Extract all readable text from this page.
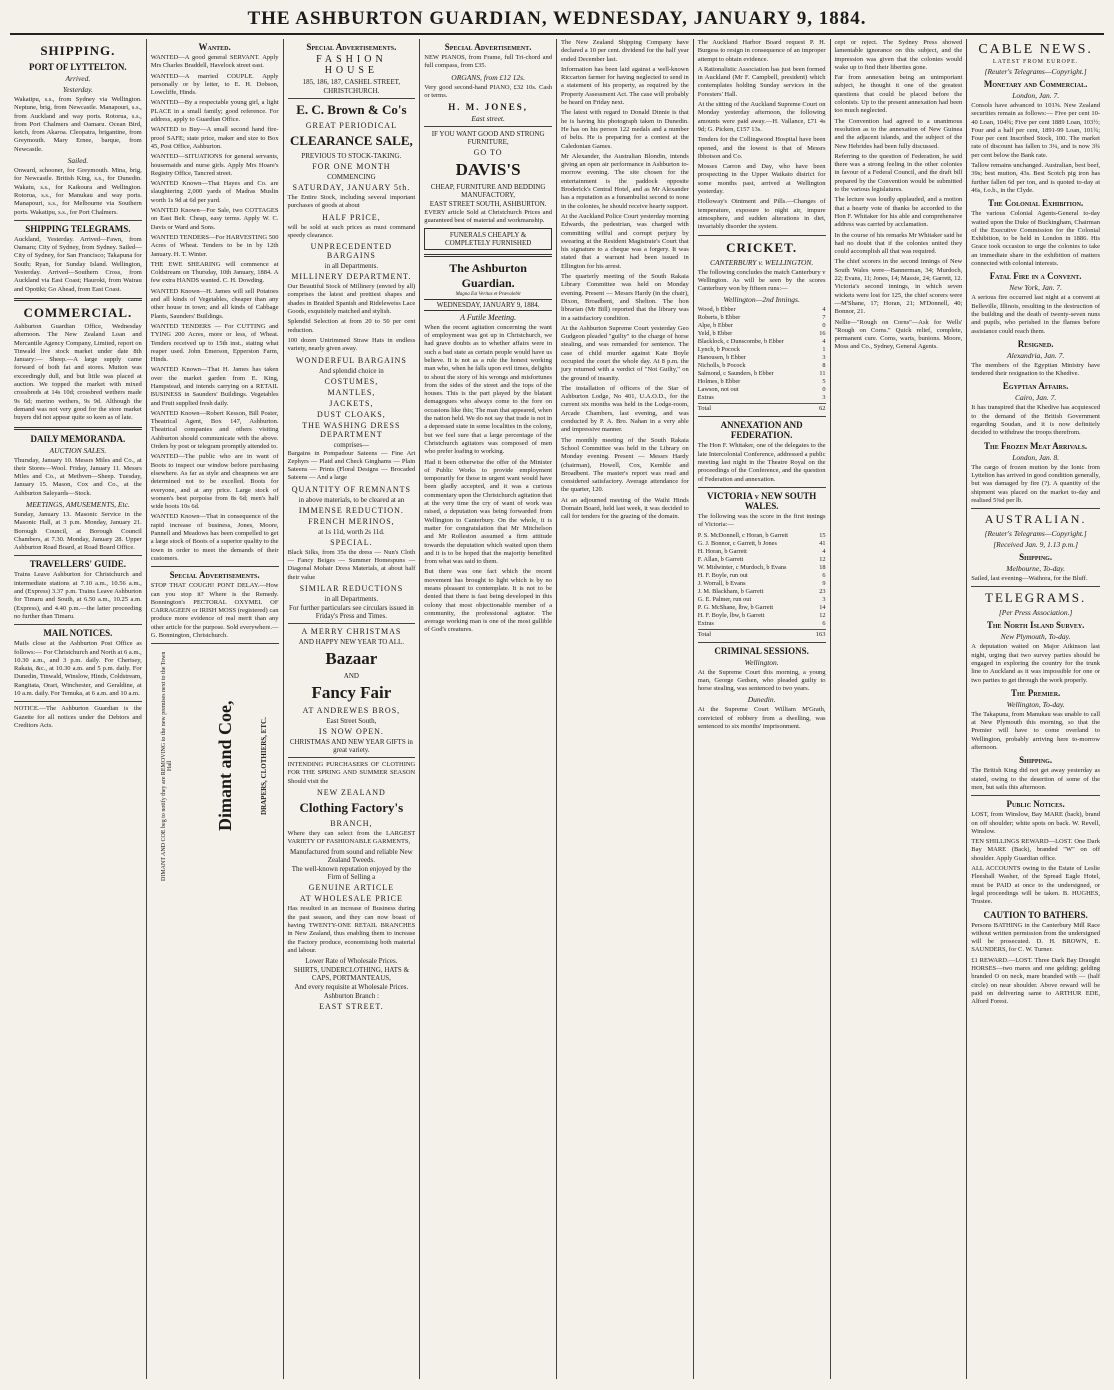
THE ASHBURTON GUARDIAN, WEDNESDAY, JANUARY 9, 1884.
SHIPPING.
PORT OF LYTTELTON.
Arrived.
Yesterday.

Wakatipu, s.s., from Sydney via Wellington. Neptune, brig, from Newcastle. Manapouri, s.s., from Auckland and way ports. Rotorua, s.s., from Port Chalmers and Oamaru. Ocean Bird, ketch, from Akaroa. Cleopatra, brigantine, from Greymouth. Mary Ernee, barque, from Newcastle.

Sailed.

Onward, schooner, for Greymouth. Mina, brig, for Newcastle. British King, s.s., for Dunedin. Wakatu, s.s., for Kaikoura and Wellington. Rotorua, s.s., for Manukau and way ports. Manapouri, s.s., for Melbourne via Southern ports. Wakatipu, s.s., for Port Chalmers.

SHIPPING TELEGRAMS.

Auckland, Yesterday. Arrived—Fawn, from Oamaru; City of Sydney, from Sydney. Sailed—City of Sydney, for San Francisco; Takapuna for South; Ryan, for Sunday Island. Wellington, Yesterday. Arrived—Southern Cross, from Auckland via East Coast; Hauroki, from Wairau and Opotiki; Go Ahead, from East Coast.

COMMERCIAL.

Ashburton Guardian Office, Wednesday afternoon. The New Zealand Loan and Mercantile Agency Company, Limited, report on Tinwald live stock market under date 8th January:— Sheep.—A large supply came forward of both fat and stores. Mutton was exceedingly dull, and but little was placed at auction. We topped the market with mixed crossbreds at 14s 10d; crossbred wethers made 9s 6d; merino wethers, 9s 9d. Although the demand was not very good for the store market buyers did not appear quite so keen as of late.

DAILY MEMORANDA.
AUCTION SALES.

Thursday, January 10. Messrs Miles and Co., at their Stores—Wool. Friday, January 11. Messrs Miles and Co., at Methven—Sheep. Tuesday, January 15. Mason, Cox and Co., at the Ashburton Saleyards—Stock.

MEETINGS, AMUSEMENTS, Etc.

Sunday, January 13. Masonic Service in the Masonic Hall, at 3 p.m. Monday, January 21. Borough Council, at Borough Council Chambers, at 7.30. Monday, January 28. Upper Ashburton Road Board, at Road Board Office.

TRAVELLERS' GUIDE.

Trains Leave Ashburton for Christchurch and intermediate stations at 7.10 a.m., 10.56 a.m., and (Express) 3.37 p.m. Trains Leave Ashburton for Timaru and South, at 6.50 a.m., 10.25 a.m. (Express), and 4.40 p.m.—the latter proceeding no further than Timaru.

MAIL NOTICES.

Mails close at the Ashburton Post Office as follows:— For Christchurch and North at 6 a.m., 10.30 a.m., and 3 p.m. daily. For Chertsey, Rakaia, &c., at 10.30 a.m. and 5 p.m. daily. For Dunedin, Tinwald, Winslow, Hinds, Coldstream, Rangitata, Orari, Winchester, and Geraldine, at 10 a.m. daily. For Temuka, at 6 a.m. and 10 a.m.

NOTICE.—The Ashburton Guardian is the Gazette for all notices under the Debtors and Creditors Acts.

Wanted.

WANTED—A good general SERVANT. Apply Mrs Charles Braddell, Havelock street east.

WANTED—A married COUPLE. Apply personally or by letter, to E. H. Dobson, Lowcliffe, Hinds.

WANTED—By a respectable young girl, a light PLACE in a small family; good reference. For address, apply to Guardian Office.

WANTED to Buy—A small second hand fire-proof SAFE; state price, maker and size to Box 45, Post Office, Ashburton.

WANTED—SITUATIONS for general servants, housemaids and nurse girls. Apply Mrs Hoare's Registry Office, Tancred street.

WANTED Known—That Hayes and Co. are slaughtering 2,000 yards of Madras Muslin worth 1s 9d at 6d per yard.

WANTED Known—For Sale, two COTTAGES on East Belt. Cheap, easy terms. Apply W. C. Davis or Ward and Sons.

WANTED TENDERS—For HARVESTING 500 Acres of Wheat. Tenders to be in by 12th January. H. T. Winter.

THE EWE SHEARING will commence at Coldstream on Thursday, 10th January, 1884. A few extra HANDS wanted. C. H. Dowding.

WANTED Known—H. James will sell Potatoes and all kinds of Vegetables, cheaper than any other house in town; and all kinds of Cabbage Plants, Saunders' Buildings.

WANTED TENDERS — For CUTTING and TYING 200 Acres, more or less, of Wheat. Tenders received up to 15th inst., stating what reaper used. John Emerson, Epperston Farm, Hinds.

WANTED Known—That H. James has taken over the market garden from E. King, Hampstead, and intends carrying on a RETAIL BUSINESS in Saunders' Buildings. Vegetables and Fruit supplied fresh daily.

WANTED Known—Robert Kesson, Bill Poster, Theatrical Agent, Box 147, Ashburton. Theatrical companies and others visiting Ashburton should communicate with the above. Orders by post or telegram promptly attended to.

WANTED—The public who are in want of Boots to inspect our window before purchasing elsewhere. As far as style and cheapness we are determined not to be excelled. Boots for everyone, and at any price. Large stock of women's best porpoise from 8s 6d; men's half wide boots 10s 6d.

WANTED Known—That in consequence of the rapid increase of business, Jones, Moore, Pannell and Meadows has been compelled to get a large stock of Boots of a superior quality to the town in order to meet the demands of their customers.

Special Advertisements.

STOP THAT COUGH! PONT DELAY.—How can you stop it? Where is the Remedy. Bonnington's PECTORAL OXYMEL OF CARRAGEEN or IRISH MOSS (registered) can produce more evidence of real merit than any other article for the purpose. Sold everywhere.—G. Bonnington, Christchurch.

DIMANT AND COE beg to notify they are REMOVING to the new premises next to the Town Hall	Dimant and Coe,	DRAPERS, CLOTHIERS, ETC.
Special Advertisements.
FASHION HOUSE
185, 186, 187, CASHEL STREET,
CHRISTCHURCH.
E. C. Brown & Co's
GREAT PERIODICAL
CLEARANCE SALE,
PREVIOUS TO STOCK-TAKING.
FOR ONE MONTH
COMMENCING
SATURDAY, JANUARY 5th.

The Entire Stock, including several important purchases of goods at about

HALF PRICE,

will be sold at such prices as must command speedy clearance.

UNPRECEDENTED BARGAINS
in all Departments.
MILLINERY DEPARTMENT.

Our Beautiful Stock of Millinery (envied by all) comprises the latest and prettiest shapes and shades in Braided Spanish and Rideleweiss Lace Goods, exquisitely matched and stylish.

Splendid Selection at from 20 to 50 per cent reduction.

100 dozen Untrimmed Straw Hats in endless variety, nearly given away.

WONDERFUL BARGAINS
And splendid choice in
COSTUMES,
MANTLES,
JACKETS,
DUST CLOAKS,
THE WASHING DRESS DEPARTMENT
comprises—

Bargains in Pompadour Sateens — Fine Art Zephyrs — Plaid and Check Ginghams — Plain Sateens — Prints (Floral Designs — Brocaded Sateens — And a large

QUANTITY OF REMNANTS
in above materials, to be cleared at an
IMMENSE REDUCTION.
FRENCH MERINOS,
at 1s 11d, worth 2s 11d.
SPECIAL.

Black Silks, from 35s the dress — Nun's Cloth — Fancy Beiges — Summer Homespuns — Diagonal Mohair Dress Materials, at about half their value

SIMILAR REDUCTIONS
in all Departments.
For further particulars see circulars issued in Friday's Press and Times.
A MERRY CHRISTMAS
AND HAPPY NEW YEAR TO ALL.
Bazaar
AND
Fancy Fair
AT ANDREWES BROS,
East Street South,
IS NOW OPEN.
CHRISTMAS AND NEW YEAR GIFTS in great variety.

INTENDING PURCHASERS OF CLOTHING FOR THE SPRING AND SUMMER SEASON Should visit the

NEW ZEALAND
Clothing Factory's
BRANCH,

Where they can select from the LARGEST VARIETY OF FASHIONABLE GARMENTS,

Manufactured from sound and reliable New Zealand Tweeds.
The well-known reputation enjoyed by the Firm of Selling a
GENUINE ARTICLE
AT WHOLESALE PRICE

Has resulted in an increase of Business during the past season, and they can now boast of having TWENTY-ONE RETAIL BRANCHES in New Zealand, thus enabling them to increase the Factory produce, economising both material and labour.

Lower Rate of Wholesale Prices.
SHIRTS, UNDERCLOTHING, HATS & CAPS, PORTMANTEAUS,
And every requisite at Wholesale Prices.
Ashburton Branch :
EAST STREET.
Special Advertisement.

NEW PIANOS, from Frame, full Tri-chord and full compass, from £35.

ORGANS, from £12 12s.

Very good second-hand PIANO, £32 10s. Cash or terms.

H. M. JONES,
East street.
IF YOU WANT GOOD AND STRONG FURNITURE,
GO TO
DAVIS'S
CHEAP, FURNITURE AND BEDDING MANUFACTORY,
EAST STREET SOUTH, ASHBURTON.

EVERY article Sold at Christchurch Prices and guaranteed best of material and workmanship.

FUNERALS CHEAPLY & COMPLETELY FURNISHED
The Ashburton Guardian.
Magna Est Veritas et Prævalebit
WEDNESDAY, JANUARY 9, 1884.
A Futile Meeting.

When the recent agitation concerning the want of employment was got up in Christchurch, we had grave doubts as to whether affairs were in such a bad state as certain people would have us believe. It is not as a rule the honest working man who, when he falls upon evil times, delights to shout the story of his wrongs and misfortunes from the sides of the street and the tops of the houses. This is the part played by the blatant demagogues who always come to the fore on occasions like this; The man that appeared, when the nation held. We do not say that trade is not in a depressed state in some localities in the colony, but we feel sure that a large percentage of the Christchurch agitators was composed of men who prefer loafing to working.

Had it been otherwise the offer of the Minister of Public Works to provide employment temporarily for those in urgent want would have been gladly accepted, and it was a curious commentary upon the Christchurch agitation that at the very time the cry of want of work was raised, a deputation was being forwarded from Wellington to Canterbury. On the whole, it is matter for congratulation that Mr Mitchelson and Mr Rolleston assumed a firm attitude towards the deputation which waited upon them and it is to be hoped that the majority benefited from what was said to them.

But there was one fact which the recent movement has brought to light which is by no means pleasant to contemplate. It is not to be denied that there is fast being developed in this colony that most objectionable member of a community, the professional agitator. The average working man is one of the most gullible of God's creatures.

The New Zealand Shipping Company have declared a 10 per cent. dividend for the half year ended December last.

Information has been laid against a well-known Riccarton farmer for having neglected to send in a statement of his property, as required by the Property Assessment Act. The case will probably be heard on Friday next.

The latest with regard to Donald Dinnie is that he is having his photograph taken in Dunedin. He has on his person 122 medals and a number of belts. He is preparing for a contest at the Caledonian Games.

Mr Alexander, the Australian Blondin, intends giving an open air performance in Ashburton to-morrow evening. The site chosen for the entertainment is the paddock opposite Broderick's Central Hotel, and as Mr Alexander has a reputation as a funambulist second to none in the colonies, he should receive hearty support.

At the Auckland Police Court yesterday morning Edwards, the pedestrian, was charged with committing wilful and corrupt perjury by swearing at the Resident Magistrate's Court that his signature to a cheque was a forgery. It was stated that a warrant had been issued in Ellington for his arrest.

The quarterly meeting of the South Rakaia Library Committee was held on Monday evening. Present — Messrs Hardy (in the chair), Dixon, Broadbent, and Shelton. The hon librarian (Mr Bill) reported that the library was in a satisfactory condition.

At the Ashburton Supreme Court yesterday Geo Gudgeon pleaded "guilty" to the charge of horse stealing, and was remanded for sentence. The case of child murder against Kate Boyle occupied the court the whole day. At 8 p.m. the jury returned with a verdict of "Not Guilty," on the ground of insanity.

The installation of officers of the Star of Ashburton Lodge, No 401, U.A.O.D., for the current six months was held in the Lodge-room, Arcade Chambers, last evening, and was conducted by P. A. Bro. Nahan in a very able and impressive manner.

The monthly meeting of the South Rakaia School Committee was held in the Library on Monday evening. Present — Messrs Hardy (chairman), Howell, Cox, Kemble and Broadbent. The master's report was read and considered satisfactory. Average attendance for the quarter, 120.

At an adjourned meeting of the Waihi Hinds Domain Board, held last week, it was decided to call for tenders for the grazing of the domain.

The Auckland Harbor Board request P. H. Burgess to resign in consequence of an improper attempt to obtain evidence.

A Rationalistic Association has just been formed in Auckland (Mr F. Campbell, president) which contemplates holding Sunday services in the Foresters' Hall.

At the sitting of the Auckland Supreme Court on Monday yesterday afternoon, the following amounts were paid away.—H. Vallance, £71 4s 9d; G. Picken, £157 13s.

Tenders for the Collingwood Hospital have been opened, and the lowest is that of Messrs Ibbotson and Co.

Mosses Carron and Day, who have been prospecting in the Upper Waikato district for some months past, arrived at Wellington yesterday.

Holloway's Ointment and Pills.—Changes of temperature, exposure to night air, impure atmosphere, and sudden alterations in diet, invariably disorder the system.

CRICKET.
CANTERBURY v. WELLINGTON.

The following concludes the match Canterbury v Wellington. As will be seen by the scores Canterbury won by fifteen runs:—

Wellington—2nd Innings.
Wood, b Ebber	4
Roberts, b Ebber	7
Alpe, b Ebber	0
Yeld, b Ebber	16
Blacklock, c Dunscombe, b Ebber	4
Lynch, b Pocock	1
Hanousen, b Ebber	3
Nicholls, b Pocock	8
Salmond, c Saunders, b Ebber	11
Holmes, b Ebber	5
Lawson, not out	0
Extras	3
Total	62
ANNEXATION AND FEDERATION.

The Hon F. Whitaker, one of the delegates to the late Intercolonial Conference, addressed a public meeting last night in the Theatre Royal on the proceedings of the Conference, and the question of Federation and annexation.

VICTORIA v NEW SOUTH WALES.

The following was the score in the first innings of Victoria:—

P. S. McDonnell, c Horan, b Garrett	15
G. J. Bonnor, c Garrett, b Jones	41
H. Horan, b Garrett	4
F. Allan, b Garrett	12
W. Midwinter, c Murdoch, b Evans	18
H. F. Boyle, run out	6
J. Worrall, b Evans	9
J. M. Blackham, b Garrett	23
G. E. Palmer, run out	3
P. G. McShane, lbw, b Garrett	14
H. F. Boyle, lbw, b Garrett	12
Extras	6
Total	163
CRIMINAL SESSIONS.
Wellington.

At the Supreme Court this morning, a young man, George Gedsen, who pleaded guilty to horse stealing, was sentenced to two years.

Dunedin.

At the Supreme Court William M'Grath, convicted of robbery from a dwelling, was sentenced to six months' imprisonment.

cept or reject. The Sydney Press showed lamentable ignorance on this subject, and the impression was given that the colonies would wake up to find their liberties gone.

Far from annexation being an unimportant subject, he thought it one of the greatest questions that could be placed before the colonists. Up to the present annexation had been too much neglected.

The Convention had agreed to a unanimous resolution as to the annexation of New Guinea and the adjacent islands, and the subject of the New Hebrides had been fully discussed.

Referring to the question of Federation, he said there was a strong feeling in the other colonies in favour of a Federal Council, and the draft bill prepared by the Convention would be submitted to the various legislatures.

The lecture was loudly applauded, and a motion that a hearty vote of thanks be accorded to the Hon F. Whitaker for his able and comprehensive address was carried by acclamation.

In the course of his remarks Mr Whitaker said he had no doubt that if the colonies united they could accomplish all that was required.

The chief scorers in the second innings of New South Wales were—Bannerman, 34; Murdoch, 22; Evans, 11; Jones, 14; Massie, 24; Garrett, 12. Victoria's second innings, in which seven wickets were lost for 125, the chief scorers were—M'Shane, 17; Horan, 21; M'Donnell, 40; Bonnor, 21.

Nellie—"Rough on Corns"—Ask for Wells' "Rough on Corns." Quick relief, complete, permanent cure. Corns, warts, bunions. Moore, Moss and Co., Sydney, General Agents.

CABLE NEWS.
LATEST FROM EUROPE.
[Reuter's Telegrams—Copyright.]
Monetary and Commercial.
London, Jan. 7.

Consols have advanced to 101⅝. New Zealand securities remain as follows:— Five per cent 10-40 Loan, 104¾; Five per cent 1889 Loan, 103½; Four and a half per cent, 1891-99 Loan, 101¾; Four per cent Inscribed Stock, 100. The market rate of discount has fallen to 3¼, and is now 3¾ per cent below the Bank rate.

Tallow remains unchanged. Australian, best beef, 39s; best mutton, 43s. Best Scotch pig iron has further fallen 6d per ton, and is quoted to-day at 46s, f.o.b., in the Clyde.

The Colonial Exhibition.

The various Colonial Agents-General to-day waited upon the Duke of Buckingham, Chairman of the Executive Commission for the Colonial Exhibition, to be held in London in 1886. His Grace took occasion to urge the colonies to take an immediate share in the exhibition of matters connected with colonial interests.

Fatal Fire in a Convent.
New York, Jan. 7.

A serious fire occurred last night at a convent at Belleville, Illinois, resulting in the destruction of the building and the death of twenty-seven nuns and pupils, who perished in the flames before assistance could reach them.

Resigned.
Alexandria, Jan. 7.

The members of the Egyptian Ministry have tendered their resignation to the Khedive.

Egyptian Affairs.
Cairo, Jan. 7.

It has transpired that the Khedive has acquiesced to the demand of the British Government regarding Soudan, and it is now definitely decided to withdraw the troops therefrom.

The Frozen Meat Arrivals.
London, Jan. 8.

The cargo of frozen mutton by the Ionic from Lyttelton has arrived in good condition generally, but was damaged by fire (?). A quantity of the shipment was placed on the market to-day and realised 5⅜d per lb.

AUSTRALIAN.
[Reuter's Telegrams—Copyright.]
[Received Jan. 9, 1.13 p.m.]
Shipping.
Melbourne, To-day.

Sailed, last evening—Waihora, for the Bluff.

TELEGRAMS.
[Per Press Association.]
The North Island Survey.
New Plymouth, To-day.

A deputation waited on Major Atkinson last night, urging that two survey parties should be engaged in exploring the country for the trunk line to Auckland as it was impossible for one or two parties to get through the work properly.

The Premier.
Wellington, To-day.

The Takapuna, from Manukau was unable to call at New Plymouth this morning, so that the Premier will have to come overland to Wellington, probably arriving here to-morrow afternoon.

Shipping.

The British King did not get away yesterday as stated, owing to the desertion of some of the men, but sails this afternoon.

Public Notices.

LOST, from Winslow, Bay MARE (back), brand on off shoulder; white spots on back. W. Revell, Winslow.

TEN SHILLINGS REWARD—LOST. One Dark Bay MARE (Back), branded "W" on off shoulder. Apply Guardian office.

ALL ACCOUNTS owing to the Estate of Leslie Fleeshall Washer, of the Spread Eagle Hotel, must be PAID at once to the undersigned, or legal proceedings will be taken. B. HUGHES, Trustee.

CAUTION TO BATHERS.

Persons BATHING in the Canterbury Mill Race without written permission from the undersigned will be prosecuted. D. H. BROWN, E. SAUNDERS, for C. W. Turner.

£1 REWARD.—LOST. Three Dark Bay Draught HORSES—two mares and one gelding; gelding branded O on neck, mare branded with — (half circle) on near shoulder. Above reward will be paid on delivering same to ARTHUR EDE, Alford Forest.
